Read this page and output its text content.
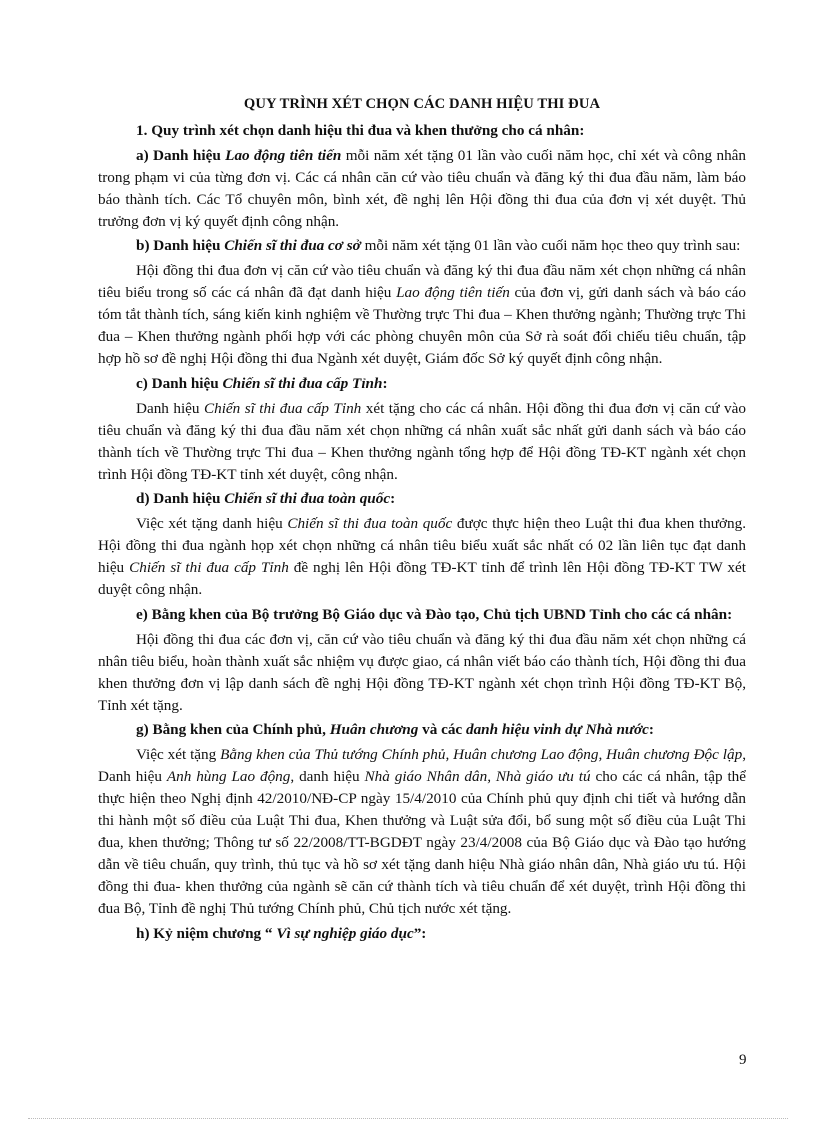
QUY TRÌNH XÉT CHỌN CÁC DANH HIỆU THI ĐUA
1. Quy trình xét chọn danh hiệu thi đua và khen thưởng cho cá nhân:

a) Danh hiệu Lao động tiên tiến mỗi năm xét tặng 01 lần vào cuối năm học, chỉ xét và công nhân trong phạm vi của từng đơn vị. Các cá nhân căn cứ vào tiêu chuẩn và đăng ký thi đua đầu năm, làm báo báo thành tích. Các Tổ chuyên môn, bình xét, đề nghị lên Hội đồng thi đua của đơn vị xét duyệt. Thủ trưởng đơn vị ký quyết định công nhận.

b) Danh hiệu Chiến sĩ thi đua cơ sở mỗi năm xét tặng 01 lần vào cuối năm học theo quy trình sau:

Hội đồng thi đua đơn vị căn cứ vào tiêu chuẩn và đăng ký thi đua đầu năm xét chọn những cá nhân tiêu biểu trong số các cá nhân đã đạt danh hiệu Lao động tiên tiến của đơn vị, gửi danh sách và báo cáo tóm tắt thành tích, sáng kiến kinh nghiệm về Thường trực Thi đua – Khen thưởng ngành; Thường trực Thi đua – Khen thưởng ngành phối hợp với các phòng chuyên môn của Sở rà soát đối chiếu tiêu chuẩn, tập hợp hồ sơ đề nghị Hội đồng thi đua Ngành xét duyệt, Giám đốc Sở ký quyết định công nhận.

c) Danh hiệu Chiến sĩ thi đua cấp Tỉnh:

Danh hiệu Chiến sĩ thi đua cấp Tỉnh xét tặng cho các cá nhân. Hội đồng thi đua đơn vị căn cứ vào tiêu chuẩn và đăng ký thi đua đầu năm xét chọn những cá nhân xuất sắc nhất gửi danh sách và báo cáo thành tích về Thường trực Thi đua – Khen thưởng ngành tổng hợp để Hội đồng TĐ-KT ngành xét chọn trình Hội đồng TĐ-KT tỉnh xét duyệt, công nhận.

d) Danh hiệu Chiến sĩ thi đua toàn quốc:

Việc xét tặng danh hiệu Chiến sĩ thi đua toàn quốc được thực hiện theo Luật thi đua khen thưởng. Hội đồng thi đua ngành họp xét chọn những cá nhân tiêu biểu xuất sắc nhất có 02 lần liên tục đạt danh hiệu Chiến sĩ thi đua cấp Tỉnh đề nghị lên Hội đồng TĐ-KT tỉnh để trình lên Hội đồng TĐ-KT TW xét duyệt công nhận.

e) Bằng khen của Bộ trưởng Bộ Giáo dục và Đào tạo, Chủ tịch UBND Tỉnh cho các cá nhân:

Hội đồng thi đua các đơn vị, căn cứ vào tiêu chuẩn và đăng ký thi đua đầu năm xét chọn những cá nhân tiêu biểu, hoàn thành xuất sắc nhiệm vụ được giao, cá nhân viết báo cáo thành tích, Hội đồng thi đua khen thưởng đơn vị lập danh sách đề nghị Hội đồng TĐ-KT ngành xét chọn trình Hội đồng TĐ-KT Bộ, Tỉnh xét tặng.

g) Bằng khen của Chính phủ, Huân chương và các danh hiệu vinh dự Nhà nước:

Việc xét tặng Bằng khen của Thủ tướng Chính phủ, Huân chương Lao động, Huân chương Độc lập, Danh hiệu Anh hùng Lao động, danh hiệu Nhà giáo Nhân dân, Nhà giáo ưu tú cho các cá nhân, tập thể thực hiện theo Nghị định 42/2010/NĐ-CP ngày 15/4/2010 của Chính phủ quy định chi tiết và hướng dẫn thi hành một số điều của Luật Thi đua, Khen thưởng và Luật sửa đổi, bổ sung một số điều của Luật Thi đua, khen thưởng; Thông tư số 22/2008/TT-BGDĐT ngày 23/4/2008 của Bộ Giáo dục và Đào tạo hướng dẫn về tiêu chuẩn, quy trình, thủ tục và hồ sơ xét tặng danh hiệu Nhà giáo nhân dân, Nhà giáo ưu tú. Hội đồng thi đua- khen thưởng của ngành sẽ căn cứ thành tích và tiêu chuẩn để xét duyệt, trình Hội đồng thi đua Bộ, Tỉnh đề nghị Thủ tướng Chính phủ, Chủ tịch nước xét tặng.

h) Kỷ niệm chương “ Vì sự nghiệp giáo dục”:
9
